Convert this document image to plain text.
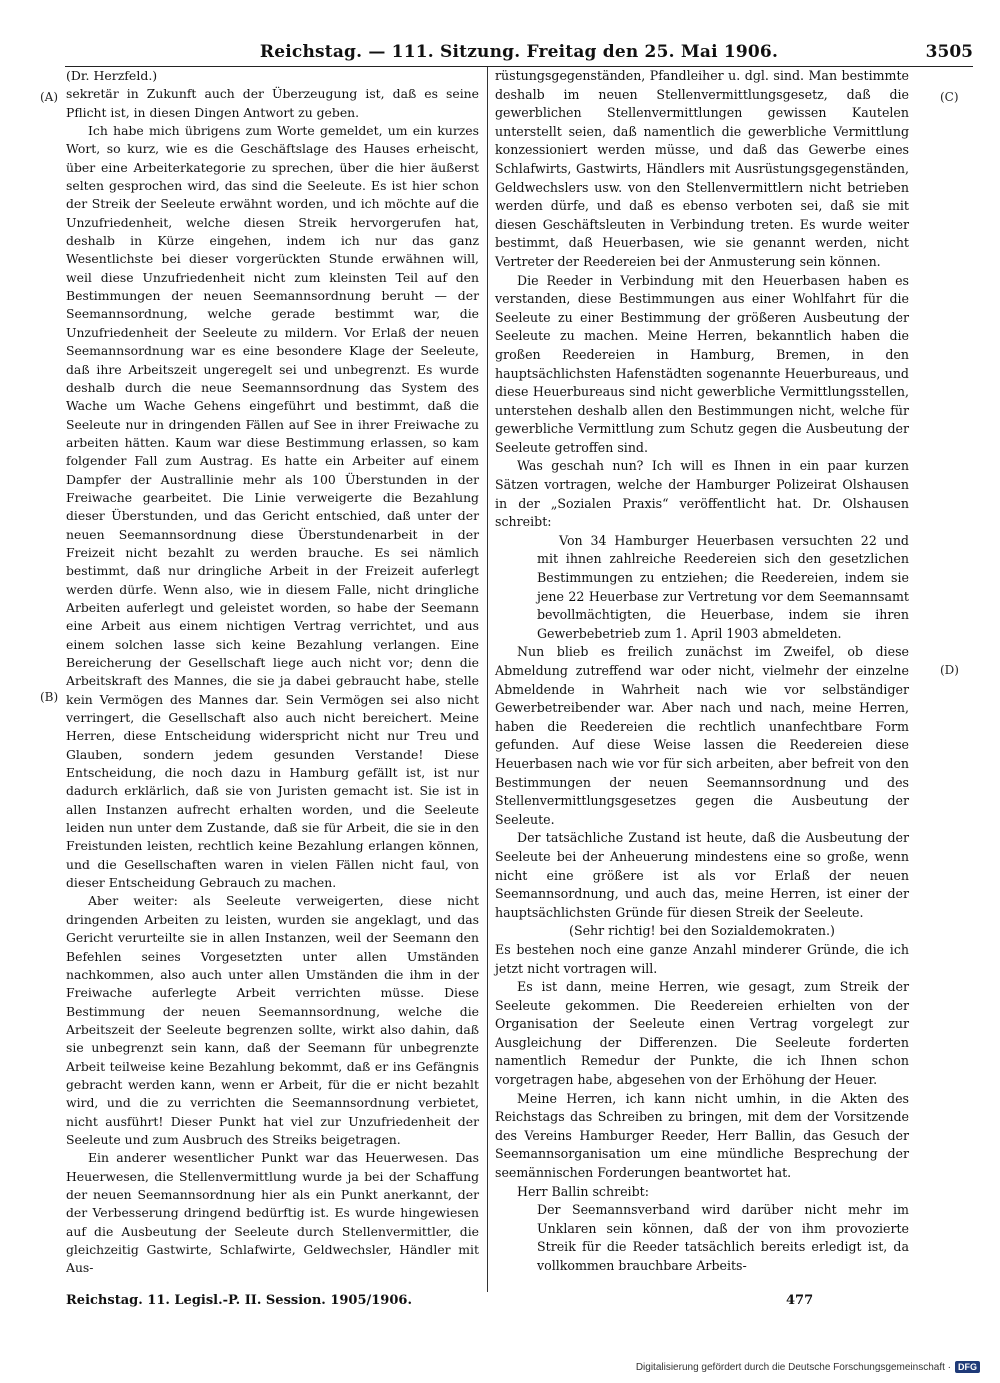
Reichstag. — 111. Sitzung. Freitag den 25. Mai 1906.	3505
(A)
(B)
(C)
(D)

(Dr. Herzfeld.)

sekretär in Zukunft auch der Überzeugung ist, daß es seine Pflicht ist, in diesen Dingen Antwort zu geben.

Ich habe mich übrigens zum Worte gemeldet, um ein kurzes Wort, so kurz, wie es die Geschäftslage des Hauses erheischt, über eine Arbeiterkategorie zu sprechen, über die hier äußerst selten gesprochen wird, das sind die Seeleute. Es ist hier schon der Streik der Seeleute erwähnt worden, und ich möchte auf die Unzufriedenheit, welche diesen Streik hervorgerufen hat, deshalb in Kürze eingehen, indem ich nur das ganz Wesentlichste bei dieser vorgerückten Stunde erwähnen will, weil diese Unzufriedenheit nicht zum kleinsten Teil auf den Bestimmungen der neuen Seemannsordnung beruht — der Seemannsordnung, welche gerade bestimmt war, die Unzufriedenheit der Seeleute zu mildern. Vor Erlaß der neuen Seemannsordnung war es eine besondere Klage der Seeleute, daß ihre Arbeitszeit ungeregelt sei und unbegrenzt. Es wurde deshalb durch die neue Seemannsordnung das System des Wache um Wache Gehens eingeführt und bestimmt, daß die Seeleute nur in dringenden Fällen auf See in ihrer Freiwache zu arbeiten hätten. Kaum war diese Bestimmung erlassen, so kam folgender Fall zum Austrag. Es hatte ein Arbeiter auf einem Dampfer der Australlinie mehr als 100 Überstunden in der Freiwache gearbeitet. Die Linie verweigerte die Bezahlung dieser Überstunden, und das Gericht entschied, daß unter der neuen Seemannsordnung diese Überstundenarbeit in der Freizeit nicht bezahlt zu werden brauche. Es sei nämlich bestimmt, daß nur dringliche Arbeit in der Freizeit auferlegt werden dürfe. Wenn also, wie in diesem Falle, nicht dringliche Arbeiten auferlegt und geleistet worden, so habe der Seemann eine Arbeit aus einem nichtigen Vertrag verrichtet, und aus einem solchen lasse sich keine Bezahlung verlangen. Eine Bereicherung der Gesellschaft liege auch nicht vor; denn die Arbeitskraft des Mannes, die sie ja dabei gebraucht habe, stelle kein Vermögen des Mannes dar. Sein Vermögen sei also nicht verringert, die Gesellschaft also auch nicht bereichert. Meine Herren, diese Entscheidung widerspricht nicht nur Treu und Glauben, sondern jedem gesunden Verstande! Diese Entscheidung, die noch dazu in Hamburg gefällt ist, ist nur dadurch erklärlich, daß sie von Juristen gemacht ist. Sie ist in allen Instanzen aufrecht erhalten worden, und die Seeleute leiden nun unter dem Zustande, daß sie für Arbeit, die sie in den Freistunden leisten, rechtlich keine Bezahlung erlangen können, und die Gesellschaften waren in vielen Fällen nicht faul, von dieser Entscheidung Gebrauch zu machen.

Aber weiter: als Seeleute verweigerten, diese nicht dringenden Arbeiten zu leisten, wurden sie angeklagt, und das Gericht verurteilte sie in allen Instanzen, weil der Seemann den Befehlen seines Vorgesetzten unter allen Umständen nachkommen, also auch unter allen Umständen die ihm in der Freiwache auferlegte Arbeit verrichten müsse. Diese Bestimmung der neuen Seemannsordnung, welche die Arbeitszeit der Seeleute begrenzen sollte, wirkt also dahin, daß sie unbegrenzt sein kann, daß der Seemann für unbegrenzte Arbeit teilweise keine Bezahlung bekommt, daß er ins Gefängnis gebracht werden kann, wenn er Arbeit, für die er nicht bezahlt wird, und die zu verrichten die Seemannsordnung verbietet, nicht ausführt! Dieser Punkt hat viel zur Unzufriedenheit der Seeleute und zum Ausbruch des Streiks beigetragen.

Ein anderer wesentlicher Punkt war das Heuerwesen. Das Heuerwesen, die Stellenvermittlung wurde ja bei der Schaffung der neuen Seemannsordnung hier als ein Punkt anerkannt, der der Verbesserung dringend bedürftig ist. Es wurde hingewiesen auf die Ausbeutung der Seeleute durch Stellenvermittler, die gleichzeitig Gastwirte, Schlafwirte, Geldwechsler, Händler mit Aus-

rüstungsgegenständen, Pfandleiher u. dgl. sind. Man bestimmte deshalb im neuen Stellenvermittlungsgesetz, daß die gewerblichen Stellenvermittlungen gewissen Kautelen unterstellt seien, daß namentlich die gewerbliche Vermittlung konzessioniert werden müsse, und daß das Gewerbe eines Schlafwirts, Gastwirts, Händlers mit Ausrüstungsgegenständen, Geldwechslers usw. von den Stellenvermittlern nicht betrieben werden dürfe, und daß es ebenso verboten sei, daß sie mit diesen Geschäftsleuten in Verbindung treten. Es wurde weiter bestimmt, daß Heuerbasen, wie sie genannt werden, nicht Vertreter der Reedereien bei der Anmusterung sein können.

Die Reeder in Verbindung mit den Heuerbasen haben es verstanden, diese Bestimmungen aus einer Wohlfahrt für die Seeleute zu einer Bestimmung der größeren Ausbeutung der Seeleute zu machen. Meine Herren, bekanntlich haben die großen Reedereien in Hamburg, Bremen, in den hauptsächlichsten Hafenstädten sogenannte Heuerbureaus, und diese Heuerbureaus sind nicht gewerbliche Vermittlungsstellen, unterstehen deshalb allen den Bestimmungen nicht, welche für gewerbliche Vermittlung zum Schutz gegen die Ausbeutung der Seeleute getroffen sind.

Was geschah nun? Ich will es Ihnen in ein paar kurzen Sätzen vortragen, welche der Hamburger Polizeirat Olshausen in der „Sozialen Praxis“ veröffentlicht hat. Dr. Olshausen schreibt:

Von 34 Hamburger Heuerbasen versuchten 22 und mit ihnen zahlreiche Reedereien sich den gesetzlichen Bestimmungen zu entziehen; die Reedereien, indem sie jene 22 Heuerbase zur Vertretung vor dem Seemannsamt bevollmächtigten, die Heuerbase, indem sie ihren Gewerbebetrieb zum 1. April 1903 abmeldeten.

Nun blieb es freilich zunächst im Zweifel, ob diese Abmeldung zutreffend war oder nicht, vielmehr der einzelne Abmeldende in Wahrheit nach wie vor selbständiger Gewerbetreibender war. Aber nach und nach, meine Herren, haben die Reedereien die rechtlich unanfechtbare Form gefunden. Auf diese Weise lassen die Reedereien diese Heuerbasen nach wie vor für sich arbeiten, aber befreit von den Bestimmungen der neuen Seemannsordnung und des Stellenvermittlungsgesetzes gegen die Ausbeutung der Seeleute.

Der tatsächliche Zustand ist heute, daß die Ausbeutung der Seeleute bei der Anheuerung mindestens eine so große, wenn nicht eine größere ist als vor Erlaß der neuen Seemannsordnung, und auch das, meine Herren, ist einer der hauptsächlichsten Gründe für diesen Streik der Seeleute.

(Sehr richtig! bei den Sozialdemokraten.)

Es bestehen noch eine ganze Anzahl minderer Gründe, die ich jetzt nicht vortragen will.

Es ist dann, meine Herren, wie gesagt, zum Streik der Seeleute gekommen. Die Reedereien erhielten von der Organisation der Seeleute einen Vertrag vorgelegt zur Ausgleichung der Differenzen. Die Seeleute forderten namentlich Remedur der Punkte, die ich Ihnen schon vorgetragen habe, abgesehen von der Erhöhung der Heuer.

Meine Herren, ich kann nicht umhin, in die Akten des Reichstags das Schreiben zu bringen, mit dem der Vorsitzende des Vereins Hamburger Reeder, Herr Ballin, das Gesuch der Seemannsorganisation um eine mündliche Besprechung der seemännischen Forderungen beantwortet hat.

Herr Ballin schreibt:

Der Seemannsverband wird darüber nicht mehr im Unklaren sein können, daß der von ihm provozierte Streik für die Reeder tatsächlich bereits erledigt ist, da vollkommen brauchbare Arbeits-

Reichstag. 11. Legisl.-P. II. Session. 1905/1906.	477
Digitalisierung gefördert durch die Deutsche Forschungsgemeinschaft · DFG
